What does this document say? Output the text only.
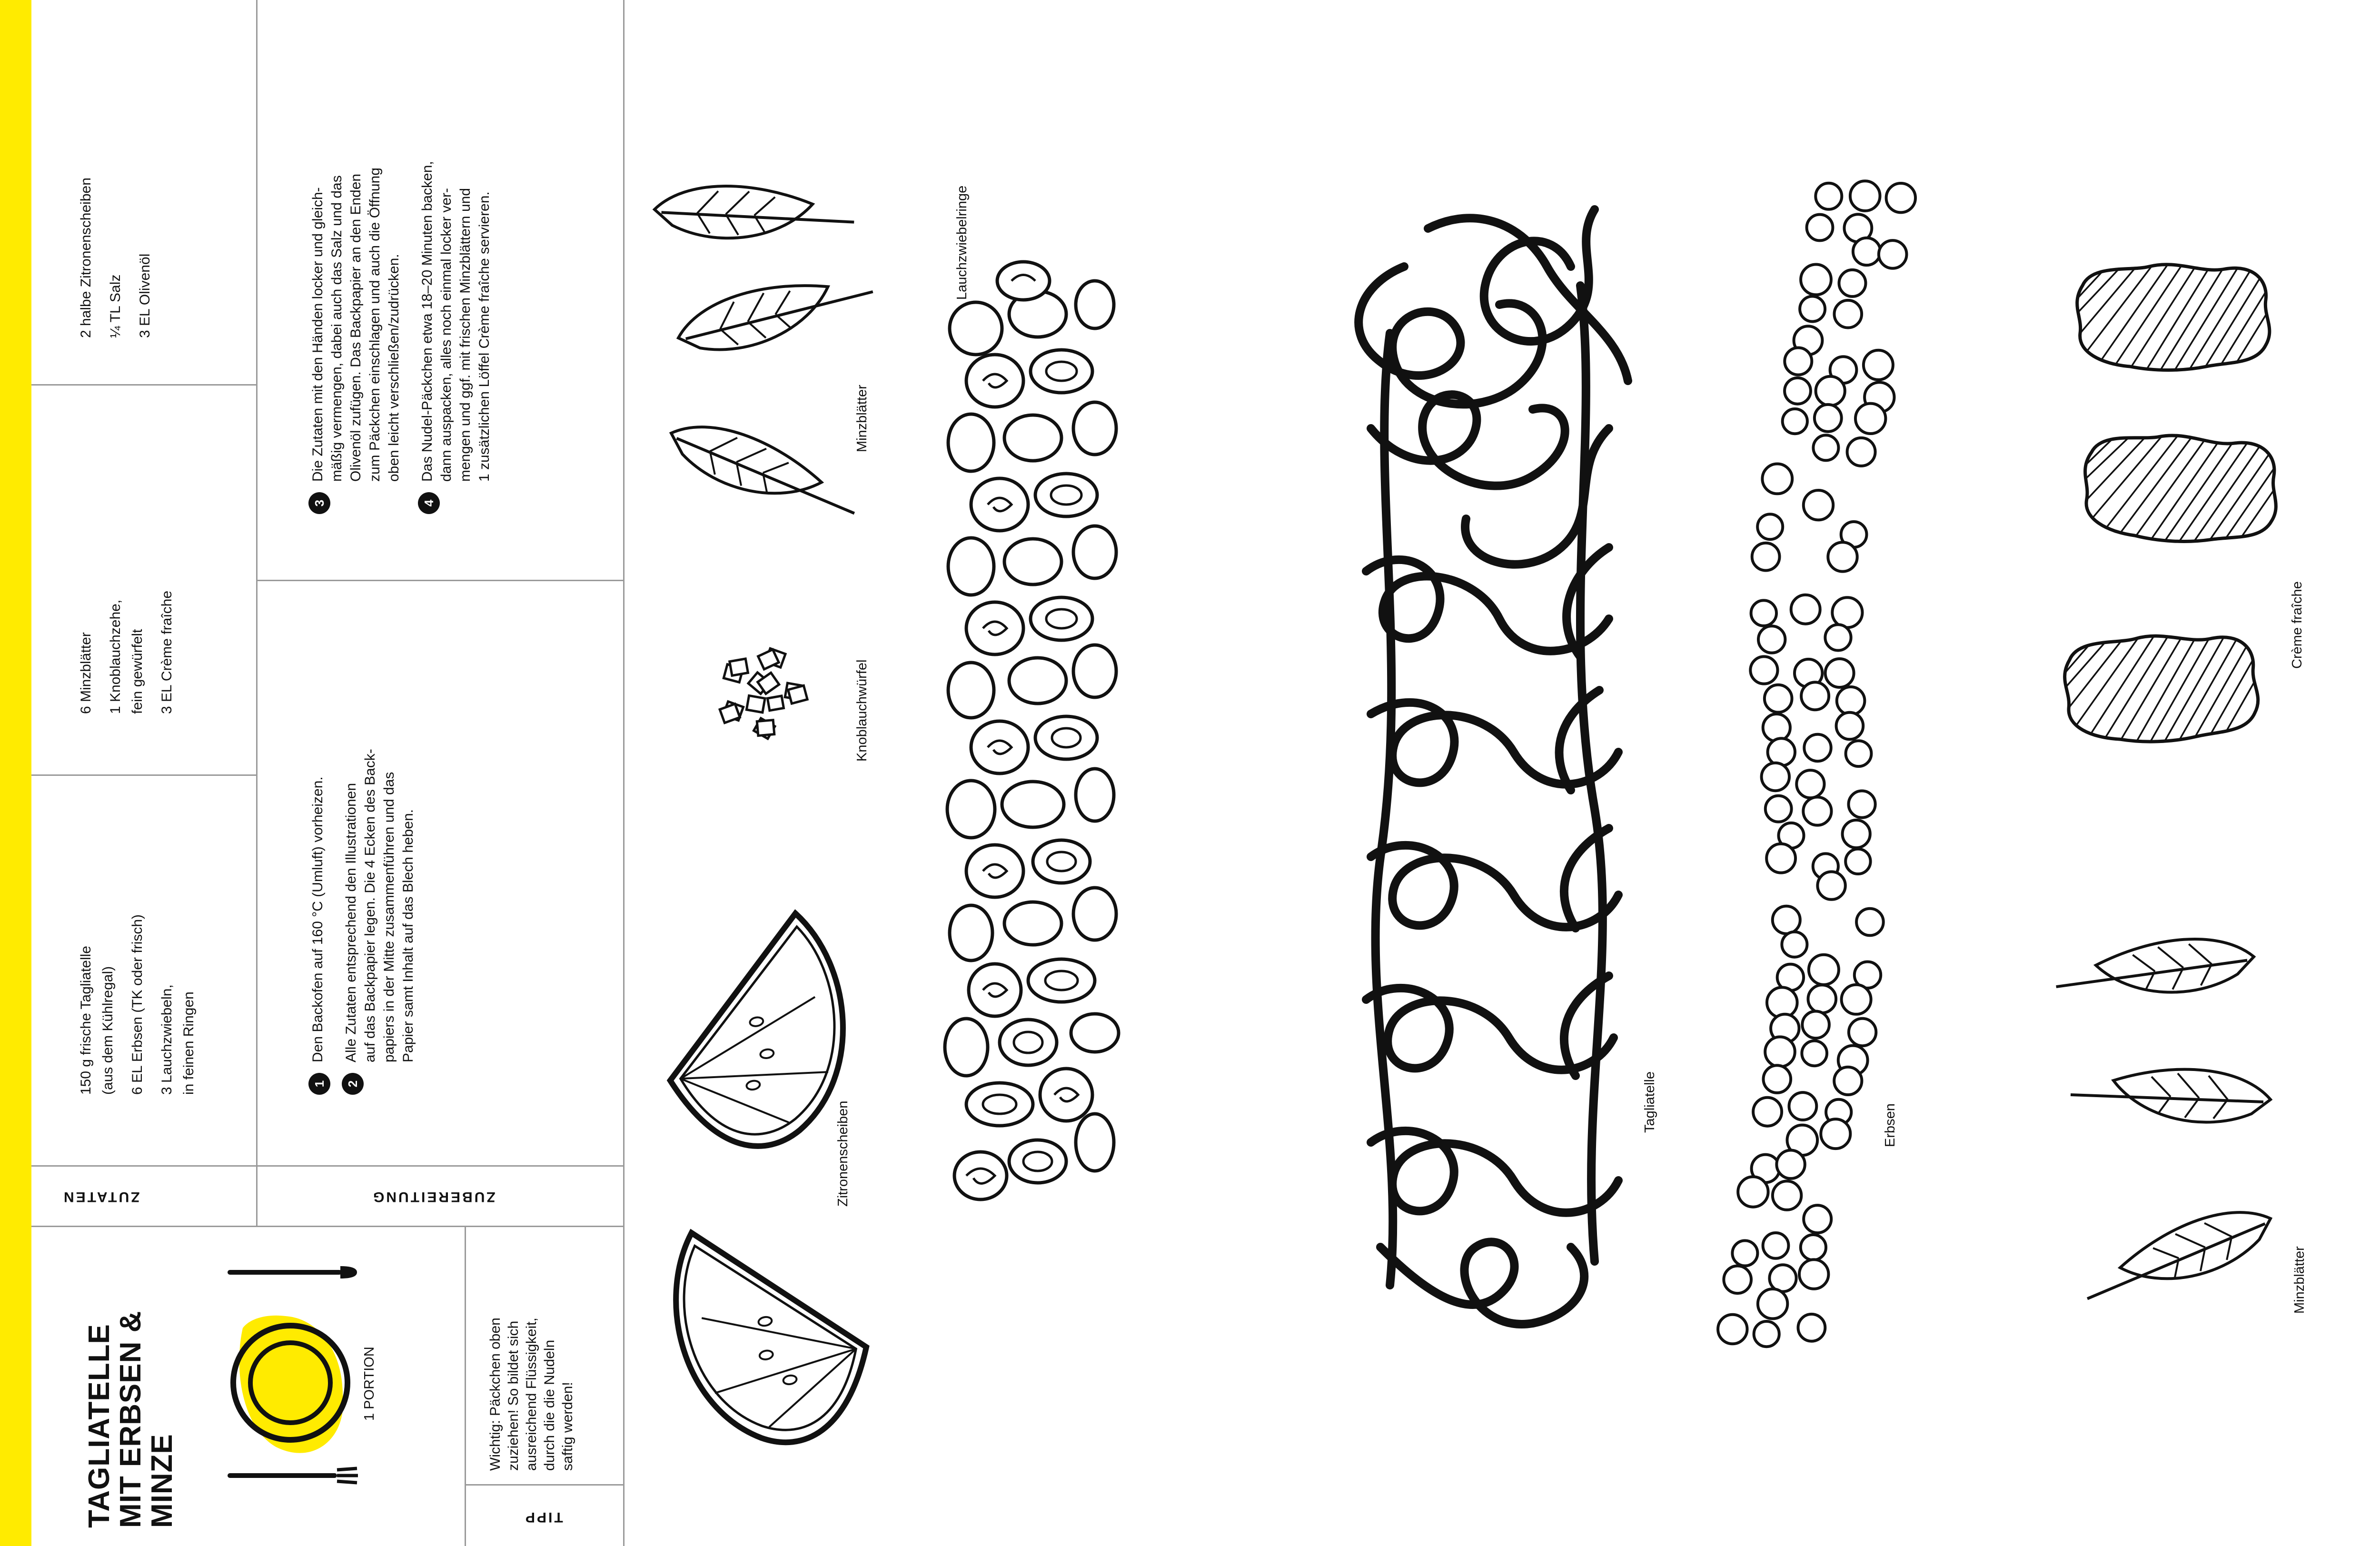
TAGLIATELLE
MIT ERBSEN &
MINZE
1 PORTION	Wichtig: Päckchen oben zuziehen! So bildet sich ausreichend Flüssigkeit, durch die die Nudeln saftig werden!
ZUTATEN	ZUBEREITUNG
TIPP
150 g frische Tagliatelle (aus dem Kühlregal) 6 EL Erbsen (TK oder frisch) 3 Lauchzwiebeln, in feinen Ringen
6 Minzblätter 1 Knoblauchzehe, fein gewürfelt 3 EL Crème fraîche
2 halbe Zitronenscheiben ¼ TL Salz 3 EL Olivenöl
1
Den Backofen auf 160 °C (Umluft) vorheizen.
2
Alle Zutaten entsprechend den Illustrationen auf das Backpapier legen. Die 4 Ecken des Back- papiers in der Mitte zusammenführen und das Papier samt Inhalt auf das Blech heben.
3
Die Zutaten mit den Händen locker und gleich- mäßig vermengen, dabei auch das Salz und das Olivenöl zufügen. Das Backpapier an den Enden zum Päckchen einschlagen und auch die Öffnung oben leicht verschließen/zudrücken.
4
Das Nudel-Päckchen etwa 18–20 Minuten backen, dann auspacken, alles noch einmal locker ver- mengen und ggf. mit frischen Minzblättern und 1 zusätzlichen Löffel Crème fraîche servieren.
Zitronenscheiben
Knoblauchwürfel
Minzblätter
Lauchzwiebelringe
Tagliatelle	Erbsen
Crème fraîche
Minzblätter
